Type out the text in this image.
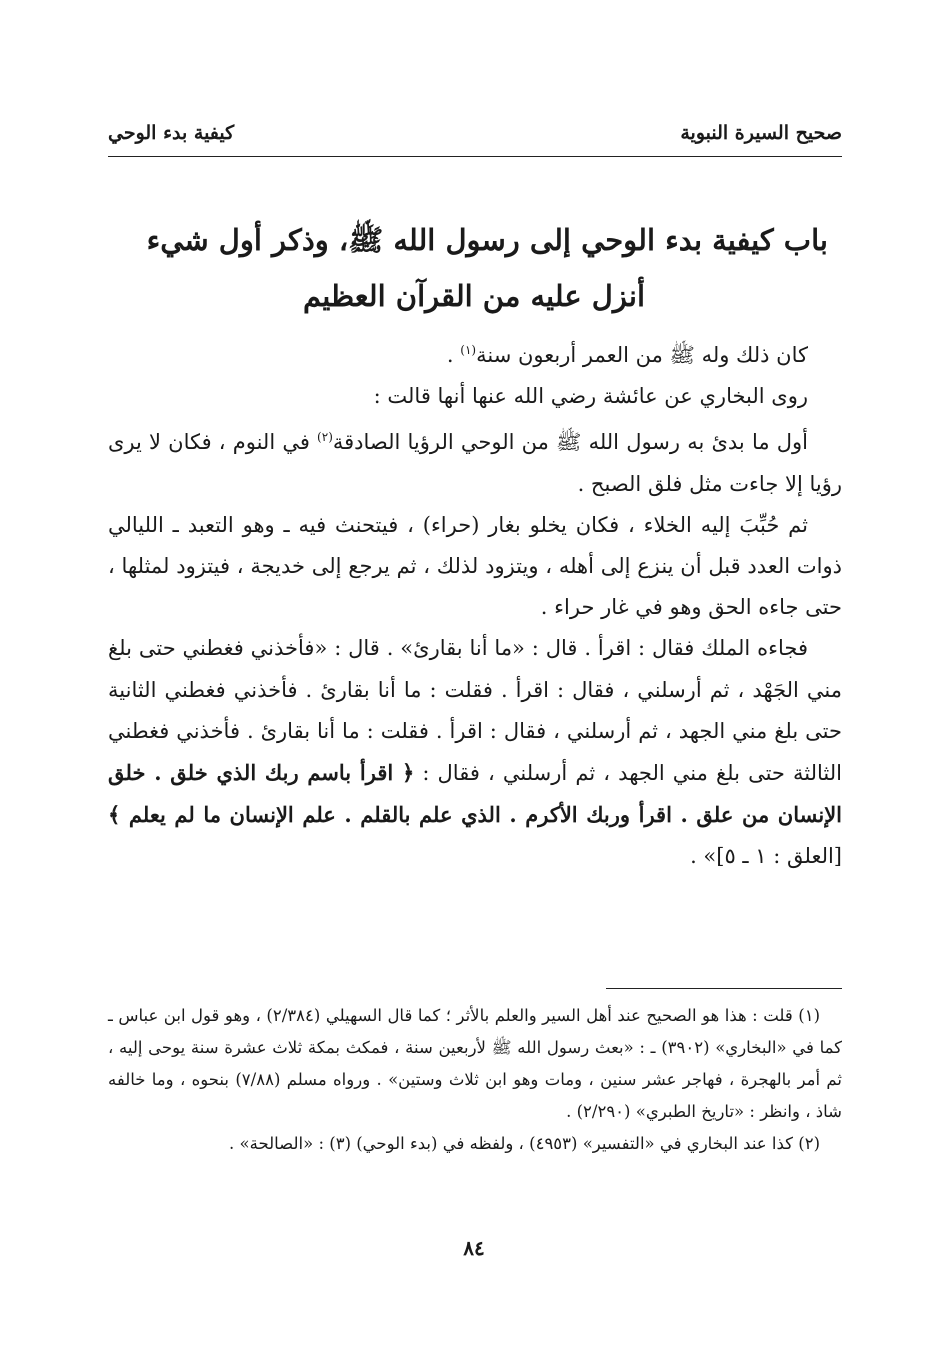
صحيح السيرة النبوية
كيفية بدء الوحي
باب كيفية بدء الوحي إلى رسول الله ﷺ، وذكر أول شيء
أنزل عليه من القرآن العظيم

كان ذلك وله ﷺ من العمر أربعون سنة$^{(١)}$ .

روى البخاري عن عائشة رضي الله عنها أنها قالت :

أول ما بدئ به رسول الله ﷺ من الوحي الرؤيا الصادقة$^{(٢)}$ في النوم ، فكان لا يرى رؤيا إلا جاءت مثل فلق الصبح .

ثم حُبِّبَ إليه الخلاء ، فكان يخلو بغار (حراء) ، فيتحنث فيه ـ وهو التعبد ـ الليالي ذوات العدد قبل أن ينزع إلى أهله ، ويتزود لذلك ، ثم يرجع إلى خديجة ، فيتزود لمثلها ، حتى جاءه الحق وهو في غار حراء .

فجاءه الملك فقال : اقرأ . قال : «ما أنا بقارئ» . قال : «فأخذني فغطني حتى بلغ مني الجَهْد ، ثم أرسلني ، فقال : اقرأ . فقلت : ما أنا بقارئ . فأخذني فغطني الثانية حتى بلغ مني الجهد ، ثم أرسلني ، فقال : اقرأ . فقلت : ما أنا بقارئ . فأخذني فغطني الثالثة حتى بلغ مني الجهد ، ثم أرسلني ، فقال : ﴿ اقرأ باسم ربك الذي خلق . خلق الإنسان من علق . اقرأ وربك الأكرم . الذي علم بالقلم . علم الإنسان ما لم يعلم ﴾ [العلق : ١ ـ ٥]» .

(١) قلت : هذا هو الصحيح عند أهل السير والعلم بالأثر ؛ كما قال السهيلي (٢/٣٨٤) ، وهو قول ابن عباس ـ كما في «البخاري» (٣٩٠٢) ـ : «بعث رسول الله ﷺ لأربعين سنة ، فمكث بمكة ثلاث عشرة سنة يوحى إليه ، ثم أمر بالهجرة ، فهاجر عشر سنين ، ومات وهو ابن ثلاث وستين» . ورواه مسلم (٧/٨٨) بنحوه ، وما خالفه شاذ ، وانظر : «تاريخ الطبري» (٢/٢٩٠) .

(٢) كذا عند البخاري في «التفسير» (٤٩٥٣) ، ولفظه في (بدء الوحي) (٣) : «الصالحة» .

٨٤
